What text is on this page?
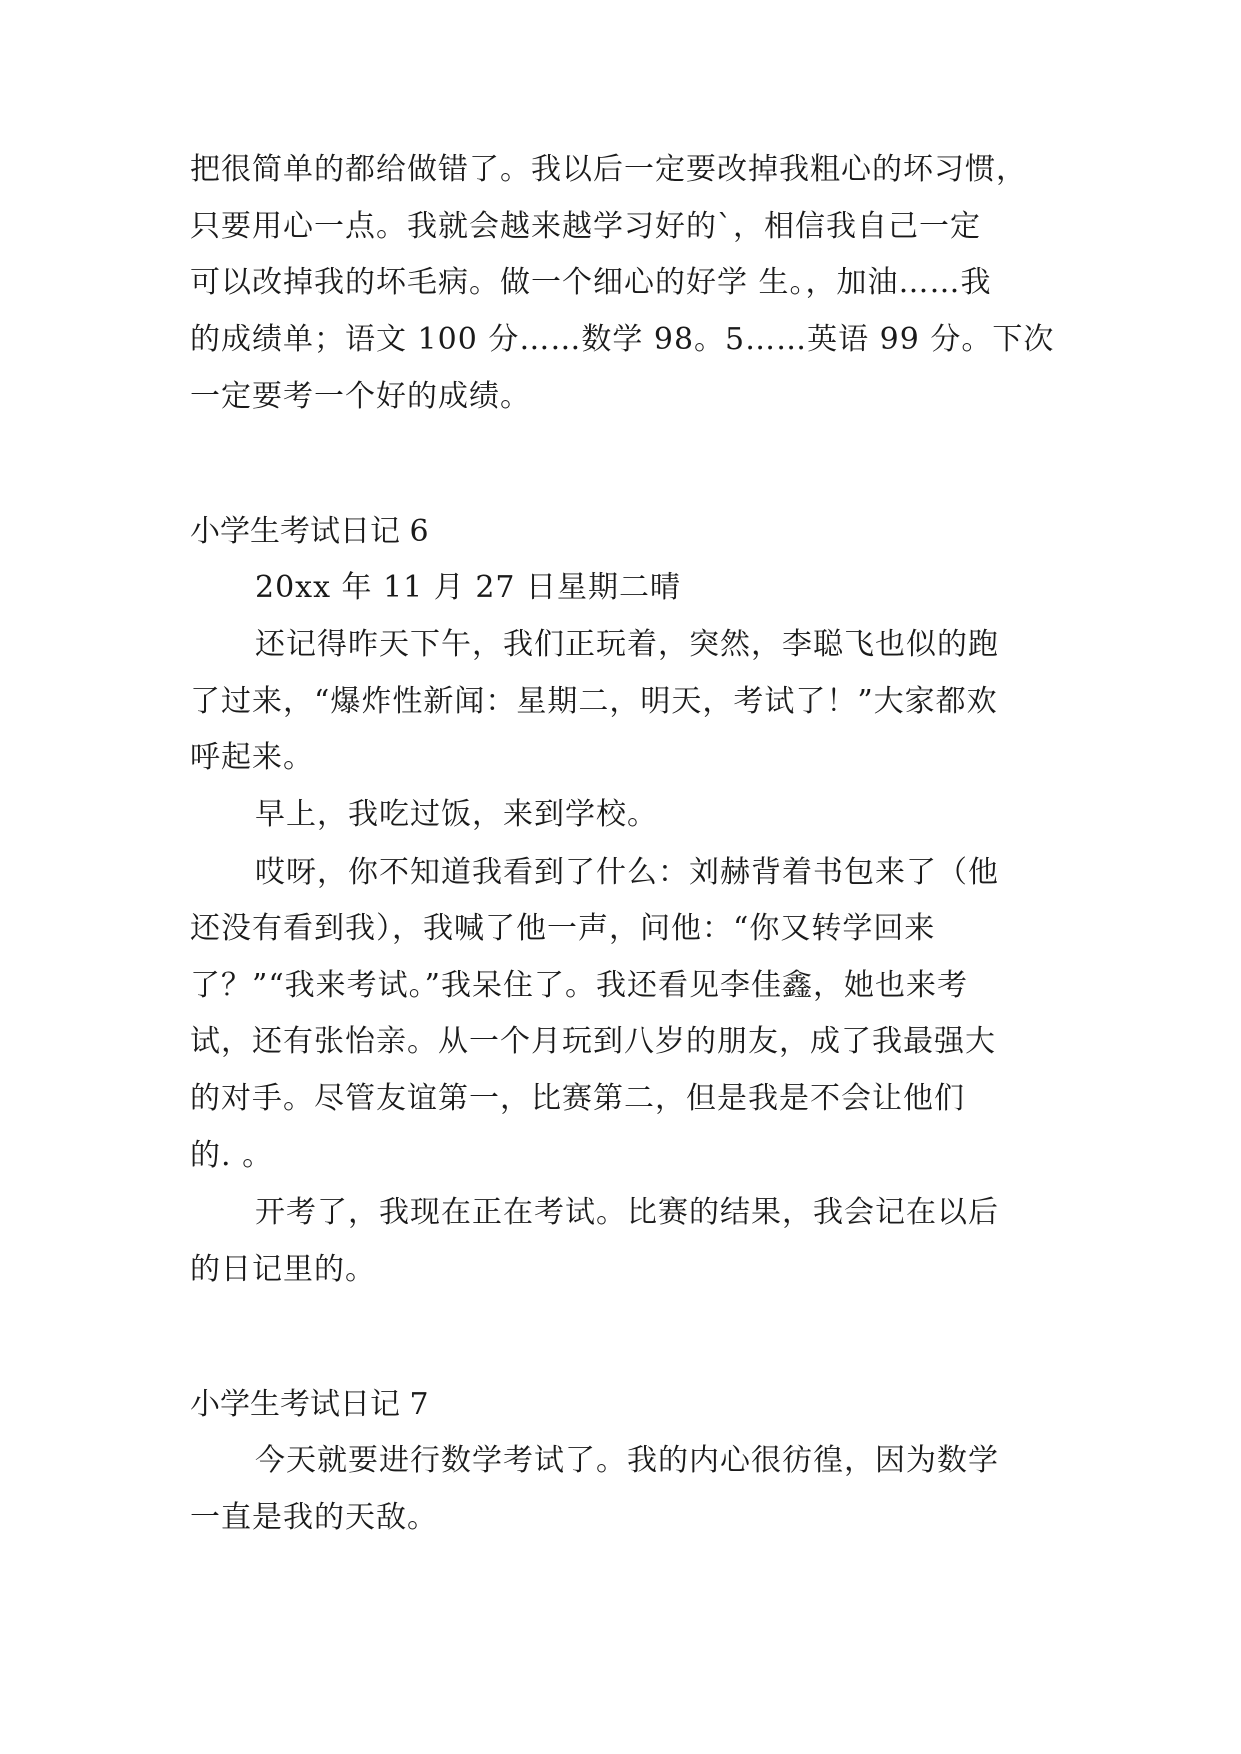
把很简单的都给做错了。我以后一定要改掉我粗心的坏习惯，
只要用心一点。我就会越来越学习好的`，相信我自己一定
可以改掉我的坏毛病。做一个细心的好学 生。，加油……我
的成绩单；语文 100 分……数学 98。5……英语 99 分。下次
一定要考一个好的成绩。
小学生考试日记 6
20xx 年 11 月 27 日星期二晴
还记得昨天下午，我们正玩着，突然，李聪飞也似的跑
了过来，“爆炸性新闻：星期二，明天，考试了！”大家都欢
呼起来。
早上，我吃过饭，来到学校。
哎呀，你不知道我看到了什么：刘赫背着书包来了（他
还没有看到我），我喊了他一声，问他：“你又转学回来
了？”“我来考试。”我呆住了。我还看见李佳鑫，她也来考
试，还有张怡亲。从一个月玩到八岁的朋友，成了我最强大
的对手。尽管友谊第一，比赛第二，但是我是不会让他们
的. 。
开考了，我现在正在考试。比赛的结果，我会记在以后
的日记里的。
小学生考试日记 7
今天就要进行数学考试了。我的内心很彷徨，因为数学
一直是我的天敌。
